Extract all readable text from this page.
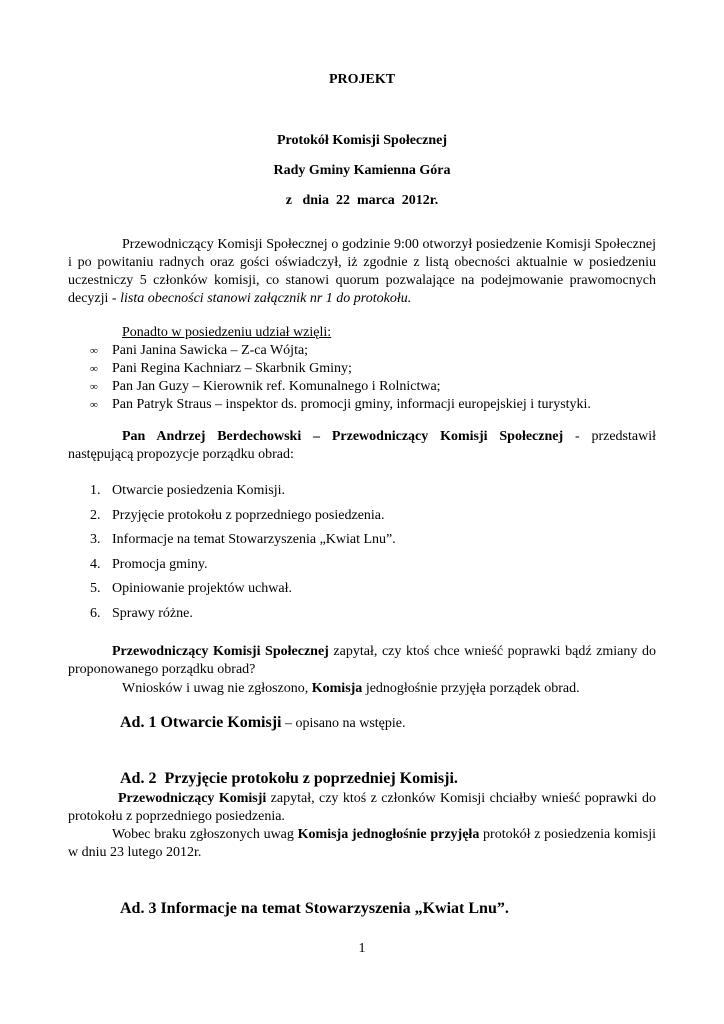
PROJEKT
Protokół Komisji Społecznej
Rady Gminy Kamienna Góra
z   dnia  22  marca  2012r.
Przewodniczący Komisji Społecznej o godzinie 9:00 otworzył posiedzenie Komisji Społecznej i po powitaniu radnych oraz gości oświadczył, iż zgodnie z listą obecności aktualnie w posiedzeniu uczestniczy 5 członków komisji, co stanowi quorum pozwalające na podejmowanie prawomocnych decyzji - lista obecności stanowi załącznik nr 1 do protokołu.
Ponadto w posiedzeniu udział wzięli:
∞ Pani Janina Sawicka – Z-ca Wójta;
∞ Pani Regina Kachniarz – Skarbnik Gminy;
∞ Pan Jan Guzy – Kierownik ref. Komunalnego i Rolnictwa;
∞ Pan Patryk Straus – inspektor ds. promocji gminy, informacji europejskiej i turystyki.
Pan Andrzej Berdechowski – Przewodniczący Komisji Społecznej - przedstawił następującą propozycje porządku obrad:
1. Otwarcie posiedzenia Komisji.
2. Przyjęcie protokołu z poprzedniego posiedzenia.
3. Informacje na temat Stowarzyszenia „Kwiat Lnu”.
4. Promocja gminy.
5. Opiniowanie projektów uchwał.
6. Sprawy różne.
Przewodniczący Komisji Społecznej zapytał, czy ktoś chce wnieść poprawki bądź zmiany do proponowanego porządku obrad?
Wniosków i uwag nie zgłoszono, Komisja jednogłośnie przyjęła porządek obrad.
Ad. 1 Otwarcie Komisji – opisano na wstępie.
Ad. 2  Przyjęcie protokołu z poprzedniej Komisji.
Przewodniczący Komisji zapytał, czy ktoś z członków Komisji chciałby wnieść poprawki do protokołu z poprzedniego posiedzenia.
Wobec braku zgłoszonych uwag Komisja jednogłośnie przyjęła protokół z posiedzenia komisji w dniu 23 lutego 2012r.
Ad. 3 Informacje na temat Stowarzyszenia „Kwiat Lnu”.
1
